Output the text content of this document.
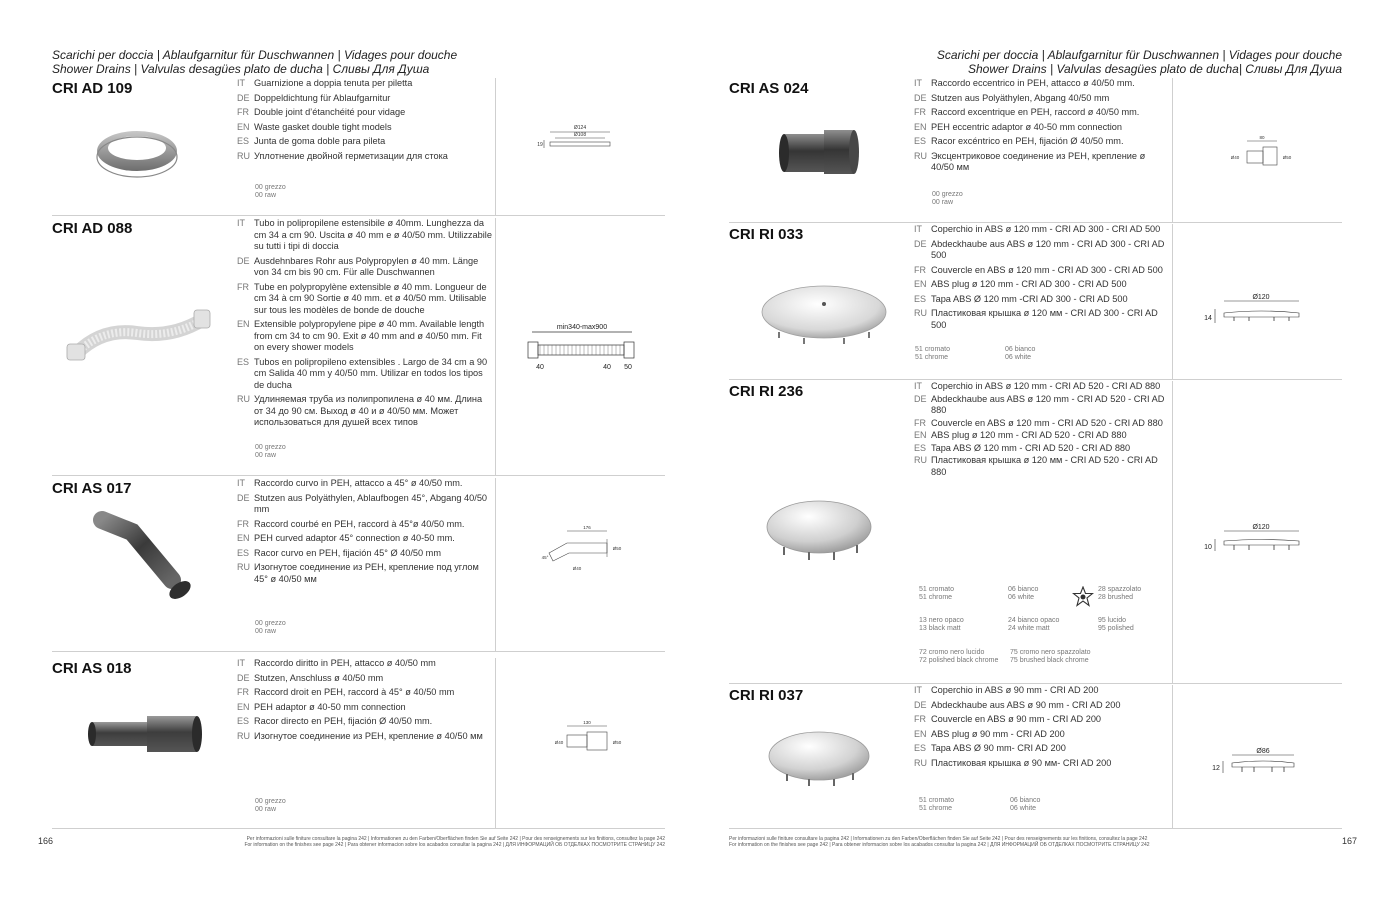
Scarichi per doccia | Ablaufgarnitur für Duschwannen | Vidages pour douche
Shower Drains | Valvulas desagües plato de ducha | Сливы Для Душа
CRI AD 109	IT Guarnizione a doppia tenuta per piletta
DE Doppeldichtung für Ablaufgarnitur
FR Double joint d’étanchéité pour vidage
EN Waste gasket double tight models
ES Junta de goma doble para pileta
RU Уплотнение двойной герметизации для стока
00 grezzo
00 raw
Ø124
Ø108
19
CRI AD 088	IT Tubo in polipropilene estensibile ø 40mm. Lunghezza da cm 34 a cm 90. Uscita ø 40 mm e ø 40/50 mm. Utilizzabile su tutti i tipi di doccia
DE Ausdehnbares Rohr aus Polypropylen ø 40 mm. Länge von 34 cm bis 90 cm. Für alle Duschwannen
FR Tube en polypropylène extensible ø 40 mm. Longueur de cm 34 à cm 90 Sortie ø 40 mm. et ø 40/50 mm. Utilisable sur tous les modèles de bonde de douche
EN Extensible polypropylene pipe ø 40 mm. Available length from cm 34 to cm 90. Exit ø 40 mm and ø 40/50 mm. Fit on every shower models
ES Tubos en polipropileno extensibles . Largo de 34 cm a 90 cm Salida 40 mm y 40/50 mm. Utilizar en todos los tipos de ducha
RU Удлиняемая труба из полипропилена ø 40 мм. Длина от 34 до 90 см. Выход ø 40 и ø 40/50 мм. Может использоваться для душей всех типов
00 grezzo
00 raw
min340-max900
40	40 50
CRI AS 017	IT Raccordo curvo in PEH, attacco a 45° ø 40/50 mm.
DE Stutzen aus Polyäthylen, Ablaufbogen 45°, Abgang 40/50 mm
FR Raccord courbé en PEH, raccord à 45°ø 40/50 mm.
EN PEH curved adaptor 45° connection ø 40-50 mm.
ES Racor curvo en PEH, fijación 45° Ø 40/50 mm
RU Изогнутое соединение из PEH, крепление под углом 45° ø 40/50 мм
00 grezzo
00 raw
176
Ø50
Ø40
45°
CRI AS 018	IT Raccordo diritto in PEH, attacco ø 40/50 mm
DE Stutzen, Anschluss ø 40/50 mm
FR Raccord droit en PEH, raccord à 45° ø 40/50 mm
EN PEH adaptor ø 40-50 mm connection
ES Racor directo en PEH, fijación Ø 40/50 mm.
RU Изогнутое соединение из PEH, крепление ø 40/50 мм
00 grezzo
00 raw
130
Ø40	Ø50
166	Per informazioni sulle finiture consultare la pagina 242 | Informationen zu den Farben/Oberflächen finden Sie auf Seite 242 | Pour des renseignements sur les finitions, consultez la page 242
For information on the finishes see page 242 | Para obtener informacion sobre los acabados consultar la pagina 242 | ДЛЯ ИНФОРМАЦИЙ ОБ ОТДЕЛКАХ ПОСМОТРИТЕ СТРАНИЦУ 242
Scarichi per doccia | Ablaufgarnitur für Duschwannen | Vidages pour douche
Shower Drains | Valvulas desagües plato de ducha| Сливы Для Душа
CRI AS 024	IT Raccordo eccentrico in PEH, attacco ø 40/50 mm.
DE Stutzen aus Polyäthylen, Abgang 40/50 mm
FR Raccord excentrique en PEH, raccord ø 40/50 mm.
EN PEH eccentric adaptor ø 40-50 mm connection
ES Racor excéntrico en PEH, fijación Ø 40/50 mm.
RU Эксцентриковое соединение из PEH, крепление ø 40/50 мм
00 grezzo
00 raw
80
Ø40	Ø50
CRI RI 033	IT Coperchio in ABS ø 120 mm - CRI AD 300 - CRI AD 500
DE Abdeckhaube aus ABS ø 120 mm - CRI AD 300 - CRI AD 500
FR Couvercle en ABS ø 120 mm - CRI AD 300 - CRI AD 500
EN ABS plug ø 120 mm - CRI AD 300 - CRI AD 500
ES Tapa ABS Ø 120 mm -CRI AD 300 - CRI AD 500
RU Пластиковая крышка ø 120 мм - CRI AD 300 - CRI AD 500
51 cromato
51 chrome
06 bianco
06 white
Ø120
14
CRI RI 236	IT Coperchio in ABS ø 120 mm - CRI AD 520 - CRI AD 880
DE Abdeckhaube aus ABS ø 120 mm - CRI AD 520 - CRI AD 880
FR Couvercle en ABS ø 120 mm - CRI AD 520 - CRI AD 880
EN ABS plug ø 120 mm - CRI AD 520 - CRI AD 880
ES Tapa ABS Ø 120 mm - CRI AD 520 - CRI AD 880
RU Пластиковая крышка ø 120 мм - CRI AD 520 - CRI AD 880
51 cromato
51 chrome
06 bianco
06 white
28 spazzolato
28 brushed
13 nero opaco
13 black matt
24 bianco opaco
24 white matt
95 lucido
95 polished
72 cromo nero lucido
72 polished black chrome
75 cromo nero spazzolato
75 brushed black chrome
Ø120
10
CRI RI 037	IT Coperchio in ABS ø 90 mm - CRI AD 200
DE Abdeckhaube aus ABS ø 90 mm - CRI AD 200
FR Couvercle en ABS ø 90 mm - CRI AD 200
EN ABS plug ø 90 mm - CRI AD 200
ES Tapa ABS Ø 90 mm- CRI AD 200
RU Пластиковая крышка ø 90 мм- CRI AD 200
51 cromato
51 chrome
06 bianco
06 white
Ø86
12
Per informazioni sulle finiture consultare la pagina 242 | Informationen zu den Farben/Oberflächen finden Sie auf Seite 242 | Pour des renseignements sur les finitions, consultez la page 242
For information on the finishes see page 242 | Para obtener informacion sobre los acabados consultar la pagina 242 | ДЛЯ ИНФОРМАЦИЙ ОБ ОТДЕЛКАХ ПОСМОТРИТЕ СТРАНИЦУ 242	167
